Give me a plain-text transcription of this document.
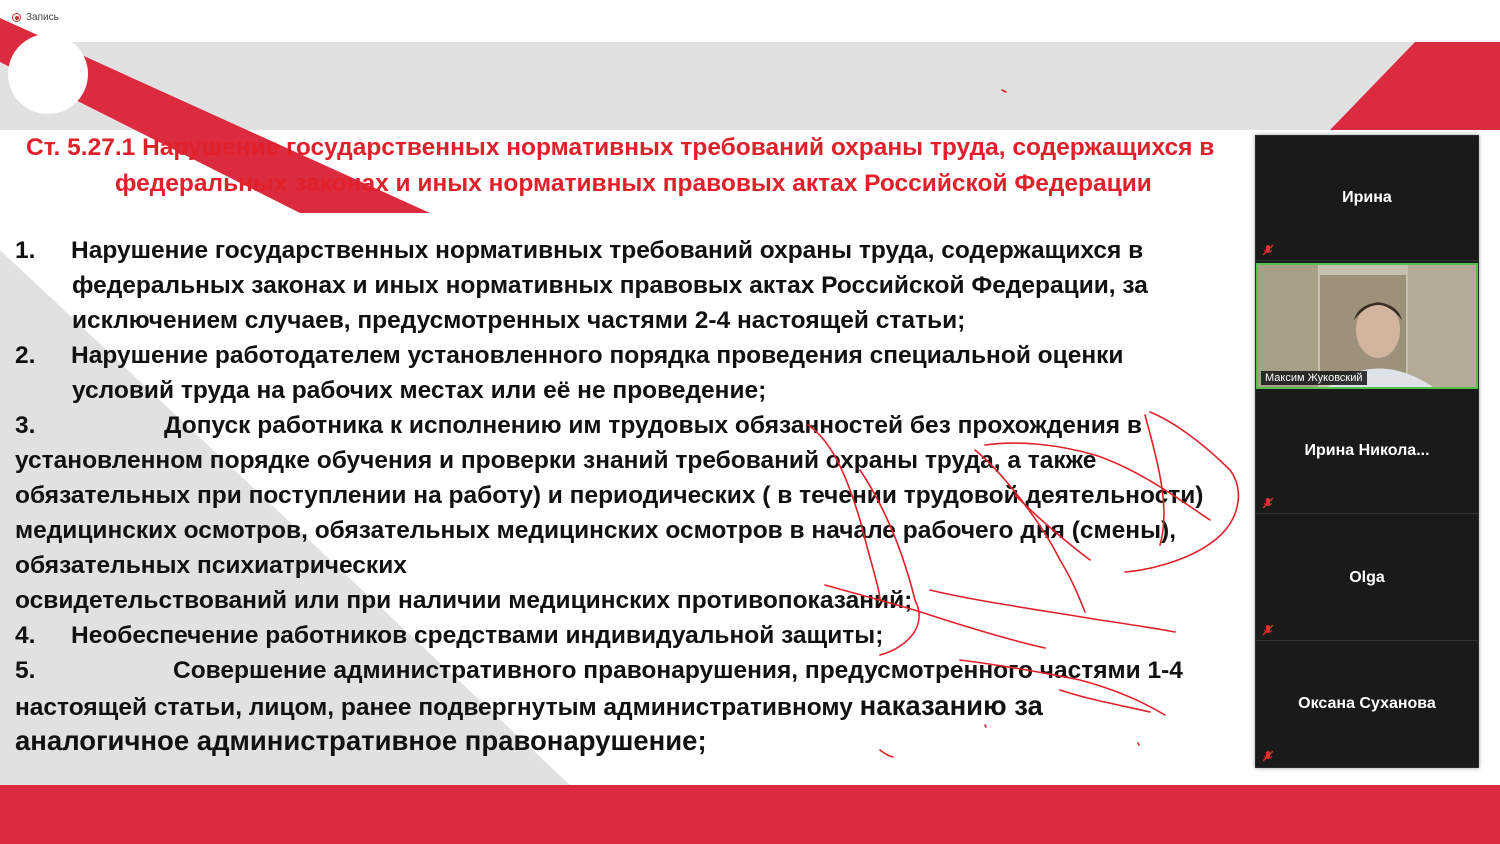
Запись
Ст. 5.27.1 Нарушение государственных нормативных требований охраны труда, содержащихся в
федеральных законах и иных нормативных правовых актах Российской Федерации
1. Нарушение государственных нормативных требований охраны труда, содержащихся в
федеральных законах и иных нормативных правовых актах Российской Федерации, за
исключением случаев, предусмотренных частями 2-4 настоящей статьи;
2. Нарушение работодателем установленного порядка проведения специальной оценки
условий труда на рабочих местах или её не проведение;
3.	Допуск работника к исполнению им трудовых обязанностей без прохождения в
установленном порядке обучения и проверки знаний требований охраны труда, а также
обязательных при поступлении на работу) и периодических ( в течении трудовой деятельности)
медицинских осмотров, обязательных медицинских осмотров в начале рабочего дня (смены),
обязательных психиатрических
освидетельствований или при наличии медицинских противопоказаний;
4. Необеспечение работников средствами индивидуальной защиты;
5.	Совершение административного правонарушения, предусмотренного частями 1-4
настоящей статьи, лицом, ранее подвергнутым административному наказанию за
аналогичное административное правонарушение;
Ирина
Максим Жуковский
Ирина Никола...
Olga
Оксана Суханова
